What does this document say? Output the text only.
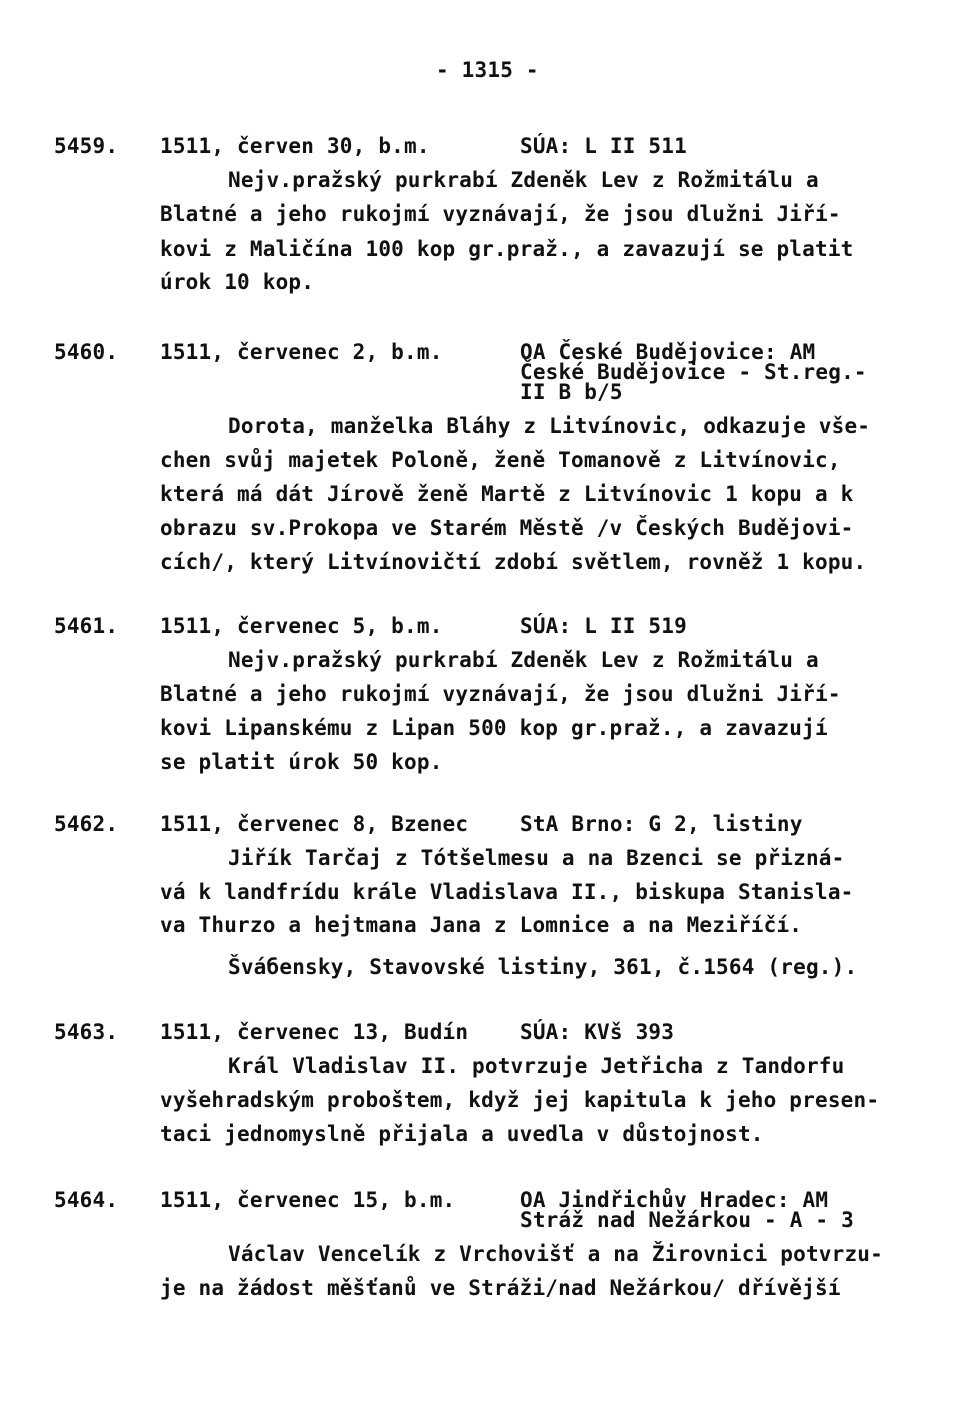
- 1315 -
5459. 1511, červen 30, b.m.	SÚA: L II 511
Nejv.pražský purkrabí Zdeněk Lev z Rožmitálu a
Blatné a jeho rukojmí vyznávají, že jsou dlužni Jiří-
kovi z Maličína 100 kop gr.praž., a zavazují se platit
úrok 10 kop.
5460. 1511, červenec 2, b.m.	OA České Budějovice: AM
České Budějovice - St.reg.-
II B b/5
Dorota, manželka Bláhy z Litvínovic, odkazuje vše-
chen svůj majetek Poloně, ženě Tomanově z Litvínovic,
která má dát Jírově ženě Martě z Litvínovic 1 kopu a k
obrazu sv.Prokopa ve Starém Městě /v Českých Budějovi-
cích/, který Litvínovičtí zdobí světlem, rovněž 1 kopu.
5461. 1511, červenec 5, b.m.	SÚA: L II 519
Nejv.pražský purkrabí Zdeněk Lev z Rožmitálu a
Blatné a jeho rukojmí vyznávají, že jsou dlužni Jiří-
kovi Lipanskému z Lipan 500 kop gr.praž., a zavazují
se platit úrok 50 kop.
5462. 1511, červenec 8, Bzenec StA Brno: G 2, listiny
Jiřík Tarčaj z Tótšelmesu a na Bzenci se přizná-
vá k landfrídu krále Vladislava II., biskupa Stanisla-
va Thurzo a hejtmana Jana z Lomnice a na Meziříčí.
Šváбensky, Stavovské listiny, 361, č.1564 (reg.).
5463. 1511, červenec 13, Budín SÚA: KVš 393
Král Vladislav II. potvrzuje Jetřicha z Tandorfu
vyšehradským proboštem, když jej kapitula k jeho presen-
taci jednomyslně přijala a uvedla v důstojnost.
5464. 1511, červenec 15, b.m.	OA Jindřichův Hradec: AM
Stráž nad Nežárkou - A - 3
Václav Vencelík z Vrchovišť a na Žirovnici potvrzu-
je na žádost měšťanů ve Stráži/nad Nežárkou/ dřívější
